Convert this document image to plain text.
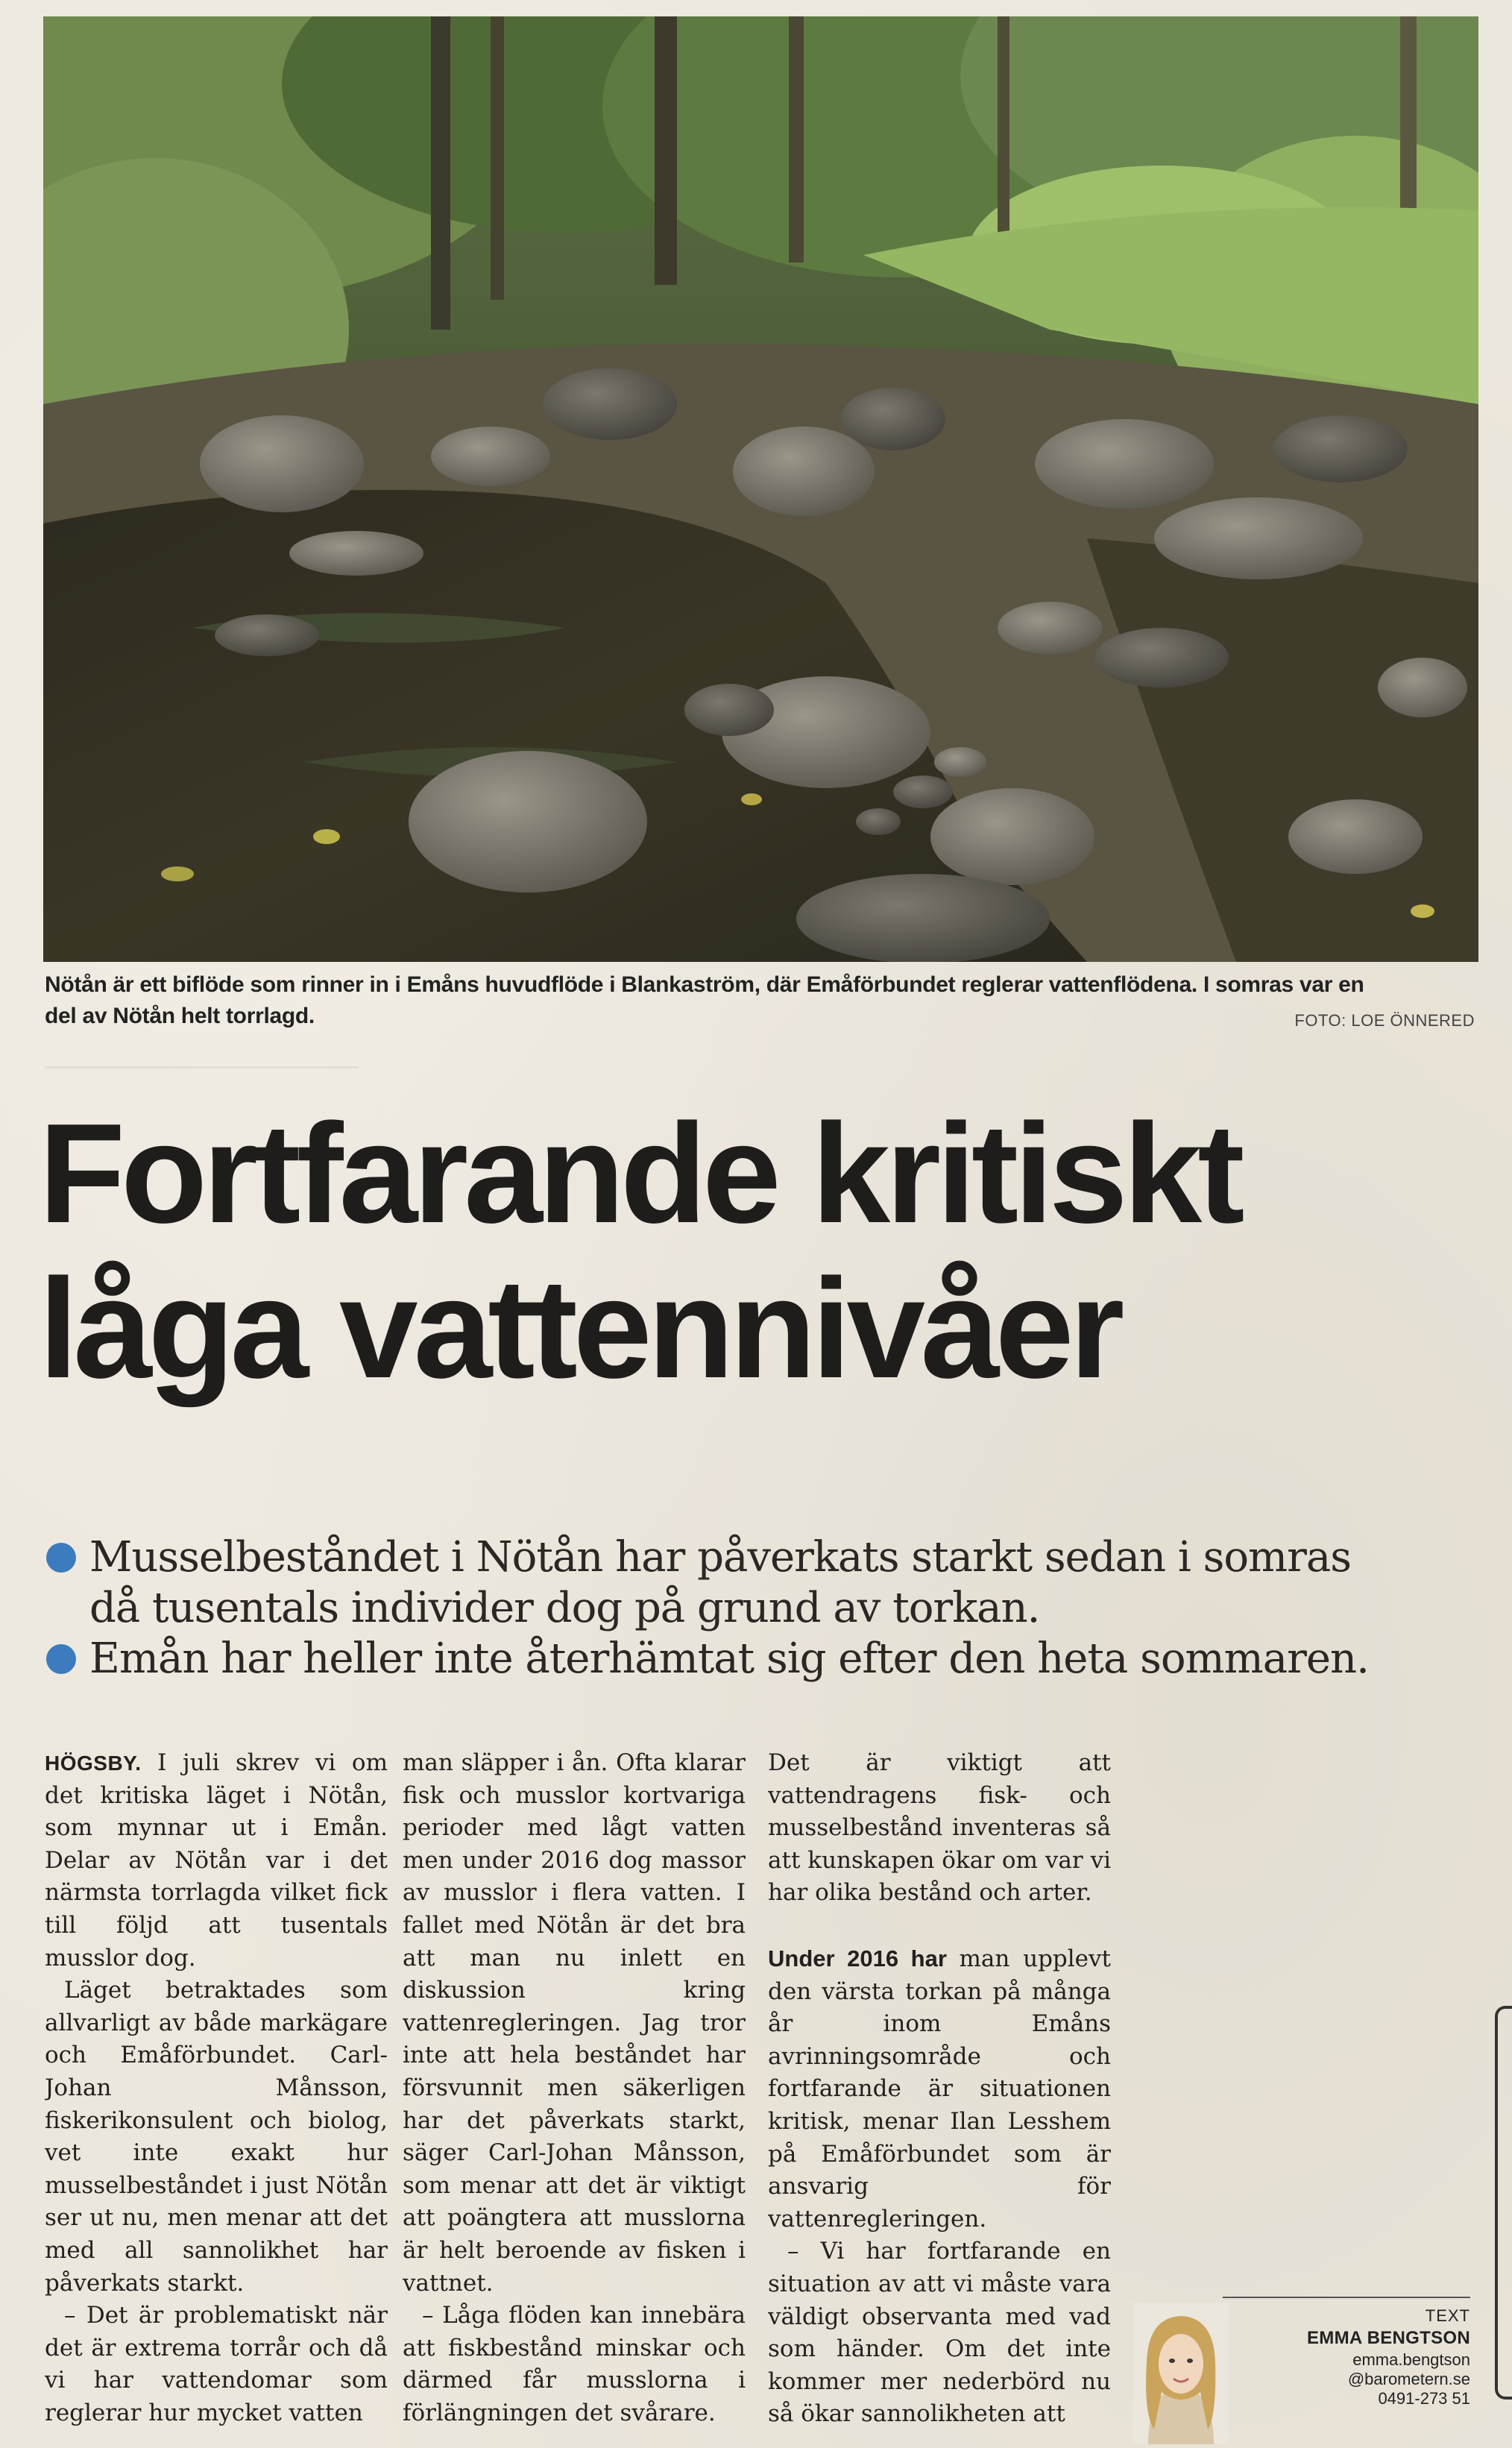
Nötån är ett biflöde som rinner in i Emåns huvudflöde i Blankaström, där Emåförbundet reglerar vattenflödena. I somras var en
del av Nötån helt torrlagd.	FOTO: LOE ÖNNERED
Fortfarande kritiskt
låga vattennivåer
Musselbeståndet i Nötån har påverkats starkt sedan i somras
då tusentals individer dog på grund av torkan.
Emån har heller inte återhämtat sig efter den heta sommaren.

HÖGSBY. I juli skrev vi om det kritiska läget i Nötån, som mynnar ut i Emån. Delar av Nötån var i det närmsta torrlagda vilket fick till följd att tusentals musslor dog.

Läget betraktades som allvarligt av både markägare och Emåförbundet. Carl-Johan Månsson, fiskerikonsulent och biolog, vet inte exakt hur musselbeståndet i just Nötån ser ut nu, men menar att det med all sannolikhet har påverkats starkt.

– Det är problematiskt när det är extrema torrår och då vi har vattendomar som reglerar hur mycket vatten

man släpper i ån. Ofta klarar fisk och musslor kortvariga perioder med lågt vatten men under 2016 dog massor av musslor i flera vatten. I fallet med Nötån är det bra att man nu inlett en diskussion kring vattenregleringen. Jag tror inte att hela beståndet har försvunnit men säkerligen har det påverkats starkt, säger Carl-Johan Månsson, som menar att det är viktigt att poängtera att musslorna är helt beroende av fisken i vattnet.

– Låga flöden kan innebära att fiskbestånd minskar och därmed får musslorna i förlängningen det svårare.

Det är viktigt att vattendragens fisk- och musselbestånd inventeras så att kunskapen ökar om var vi har olika bestånd och arter.

Under 2016 har man upplevt den värsta torkan på många år inom Emåns avrinningsområde och fortfarande är situationen kritisk, menar Ilan Lesshem på Emåförbundet som är ansvarig för vattenregleringen.

– Vi har fortfarande en situation av att vi måste vara väldigt observanta med vad som händer. Om det inte kommer mer nederbörd nu så ökar sannolikheten att

TEXT
EMMA BENGTSON
emma.bengtson
@barometern.se
0491-273 51
